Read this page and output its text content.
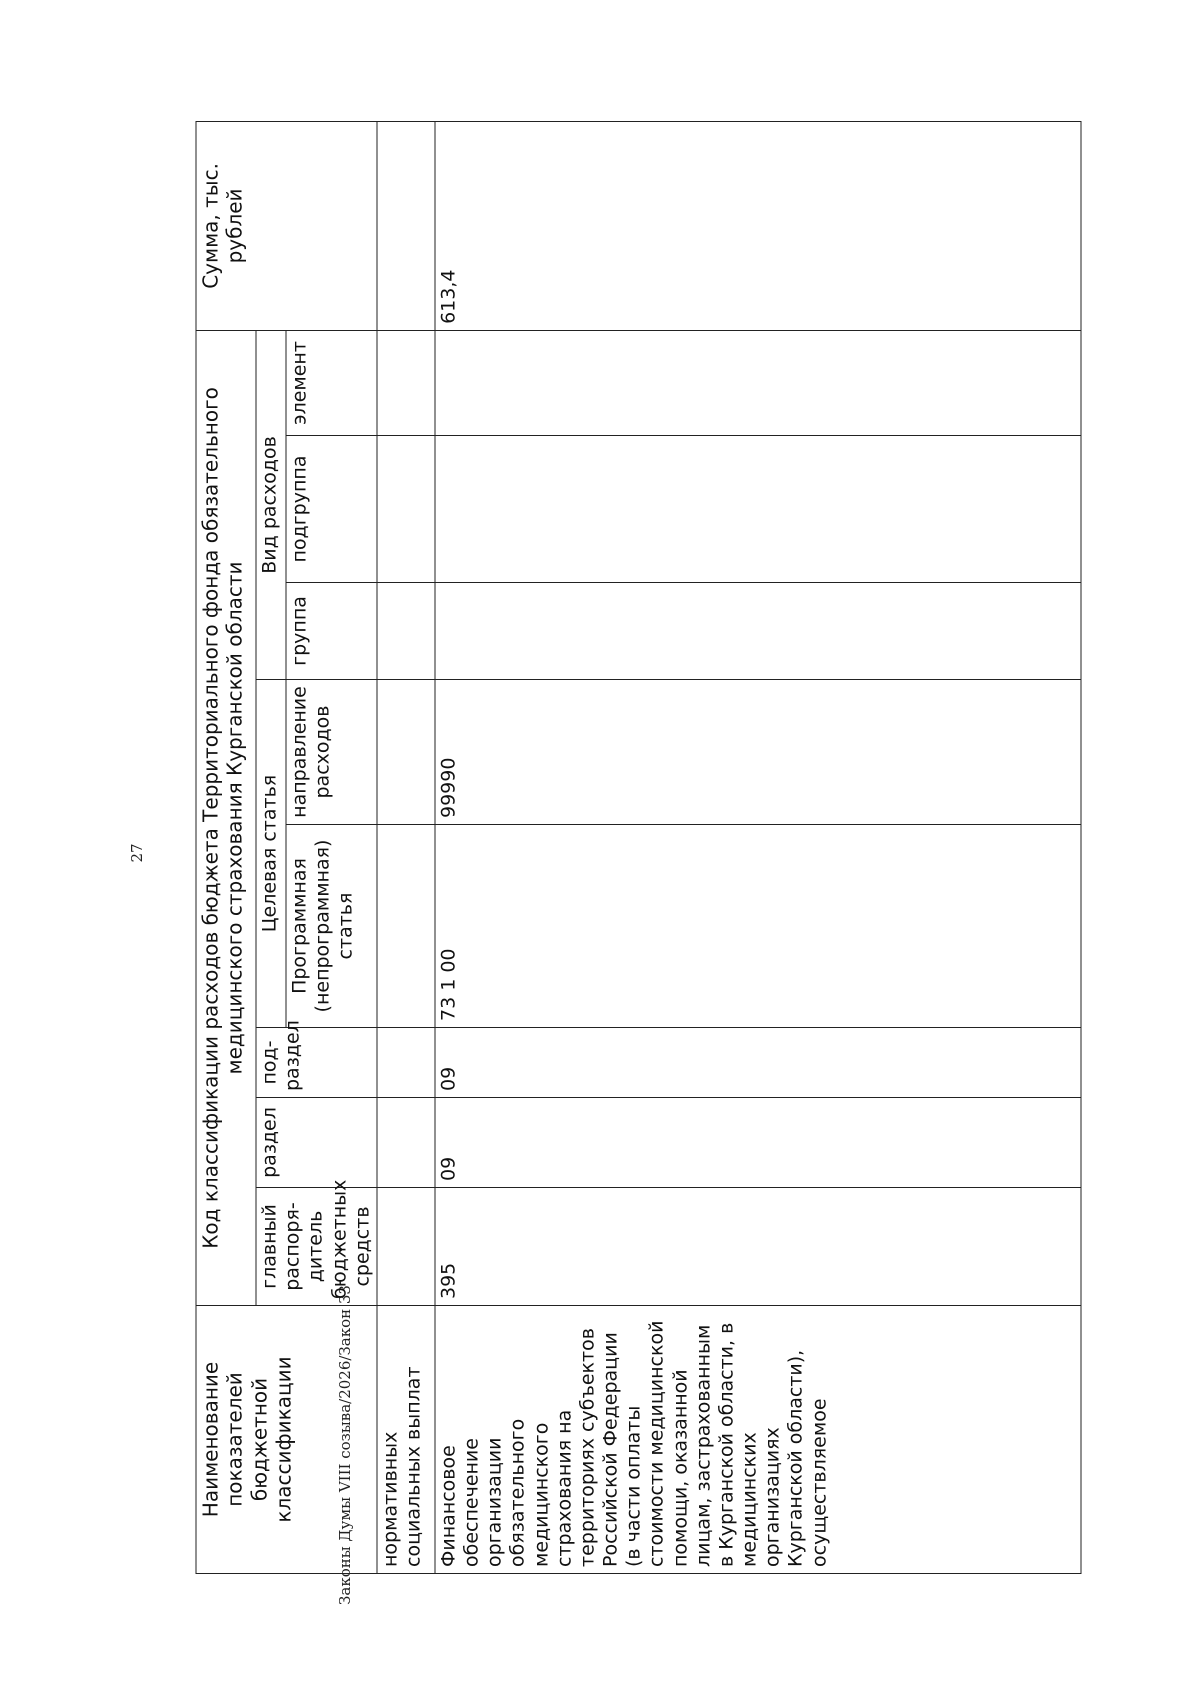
27
Законы Думы VIII созыва/2026/Закон 33
Наименование показателей бюджетной классификации	Код классификации расходов бюджета Территориального фонда обязательного медицинского страхования Курганской области								Сумма, тыс. рублей
	главный распоря-дитель бюджетных средств	раздел	под-раздел	Целевая статья		Вид расходов			
				Программная (непрограммная) статья	направление расходов	группа	подгруппа	элемент	

нормативных социальных выплат									
Финансовое обеспечение организации обязательного медицинского страхования на территориях субъектов Российской Федерации (в части оплаты стоимости медицинской помощи, оказанной лицам, застрахованным в Курганской области, в медицинских организациях Курганской области), осуществляемое	395	09	09	73 1 00	99990				613,4
